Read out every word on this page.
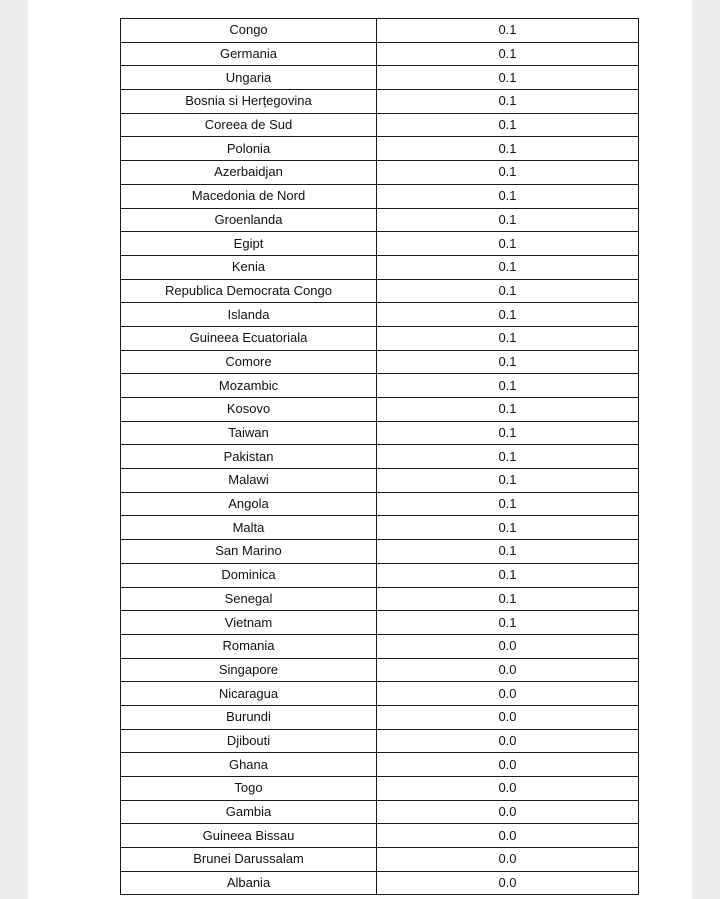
Congo	0.1
Germania	0.1
Ungaria	0.1
Bosnia si Herțegovina	0.1
Coreea de Sud	0.1
Polonia	0.1
Azerbaidjan	0.1
Macedonia de Nord	0.1
Groenlanda	0.1
Egipt	0.1
Kenia	0.1
Republica Democrata Congo	0.1
Islanda	0.1
Guineea Ecuatoriala	0.1
Comore	0.1
Mozambic	0.1
Kosovo	0.1
Taiwan	0.1
Pakistan	0.1
Malawi	0.1
Angola	0.1
Malta	0.1
San Marino	0.1
Dominica	0.1
Senegal	0.1
Vietnam	0.1
Romania	0.0
Singapore	0.0
Nicaragua	0.0
Burundi	0.0
Djibouti	0.0
Ghana	0.0
Togo	0.0
Gambia	0.0
Guineea Bissau	0.0
Brunei Darussalam	0.0
Albania	0.0
